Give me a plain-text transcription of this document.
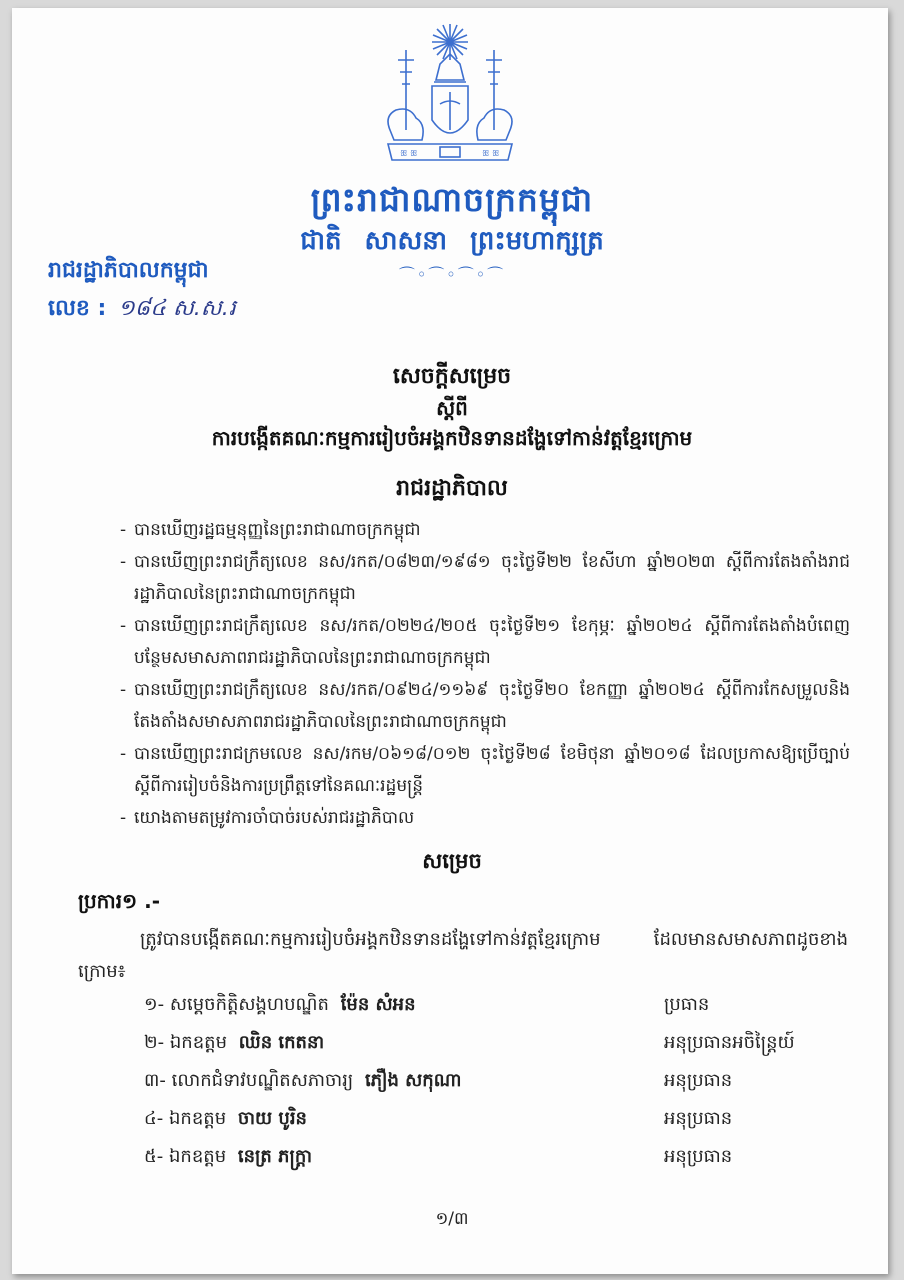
ꕥ ꕥ	ꕥ ꕥ
ព្រះរាជាណាចក្រកម្ពុជា
ជាតិ សាសនា ព្រះមហាក្សត្រ
⌒◦⌒◦⌒◦⌒
រាជរដ្ឋាភិបាលកម្ពុជា
លេខ : ១៨៤ ស.ស.រ
សេចក្តីសម្រេច
ស្តីពី
ការបង្កើតគណៈកម្មការរៀបចំអង្គកឋិនទានដង្ហែទៅកាន់វត្តខ្មែរក្រោម
រាជរដ្ឋាភិបាល
- បានឃើញរដ្ឋធម្មនុញ្ញនៃព្រះរាជាណាចក្រកម្ពុជា
- បានឃើញព្រះរាជក្រឹត្យលេខ នស/រកត/០៨២៣/១៩៨១ ចុះថ្ងៃទី២២ ខែសីហា ឆ្នាំ២០២៣ ស្តីពីការតែងតាំងរាជរដ្ឋាភិបាលនៃព្រះរាជាណាចក្រកម្ពុជា
- បានឃើញព្រះរាជក្រឹត្យលេខ នស/រកត/០២២៤/២០៥ ចុះថ្ងៃទី២១ ខែកុម្ភៈ ឆ្នាំ២០២៤ ស្តីពីការតែងតាំងបំពេញបន្ថែមសមាសភាពរាជរដ្ឋាភិបាលនៃព្រះរាជាណាចក្រកម្ពុជា
- បានឃើញព្រះរាជក្រឹត្យលេខ នស/រកត/០៩២៤/១១៦៩ ចុះថ្ងៃទី២០ ខែកញ្ញា ឆ្នាំ២០២៤ ស្តីពីការកែសម្រួលនិងតែងតាំងសមាសភាពរាជរដ្ឋាភិបាលនៃព្រះរាជាណាចក្រកម្ពុជា
- បានឃើញព្រះរាជក្រមលេខ នស/រកម/០៦១៨/០១២ ចុះថ្ងៃទី២៨ ខែមិថុនា ឆ្នាំ២០១៨ ដែលប្រកាសឱ្យប្រើច្បាប់ស្តីពីការរៀបចំនិងការប្រព្រឹត្តទៅនៃគណៈរដ្ឋមន្ត្រី
- យោងតាមតម្រូវការចាំបាច់របស់រាជរដ្ឋាភិបាល
សម្រេច
ប្រការ១ .-
ត្រូវបានបង្កើតគណៈកម្មការរៀបចំអង្គកឋិនទានដង្ហែទៅកាន់វត្តខ្មែរក្រោម ដែលមានសមាសភាពដូចខាងក្រោម៖
១- សម្តេចកិត្តិសង្គហបណ្ឌិត ម៉ែន សំអន	ប្រធាន
២- ឯកឧត្តម ឈិន កេតនា	អនុប្រធានអចិន្ត្រៃយ៍
៣- លោកជំទាវបណ្ឌិតសភាចារ្យ ភឿង សកុណា	អនុប្រធាន
៤- ឯកឧត្តម ចាយ បូរិន	អនុប្រធាន
៥- ឯកឧត្តម នេត្រ ភក្ត្រា	អនុប្រធាន
១/៣
